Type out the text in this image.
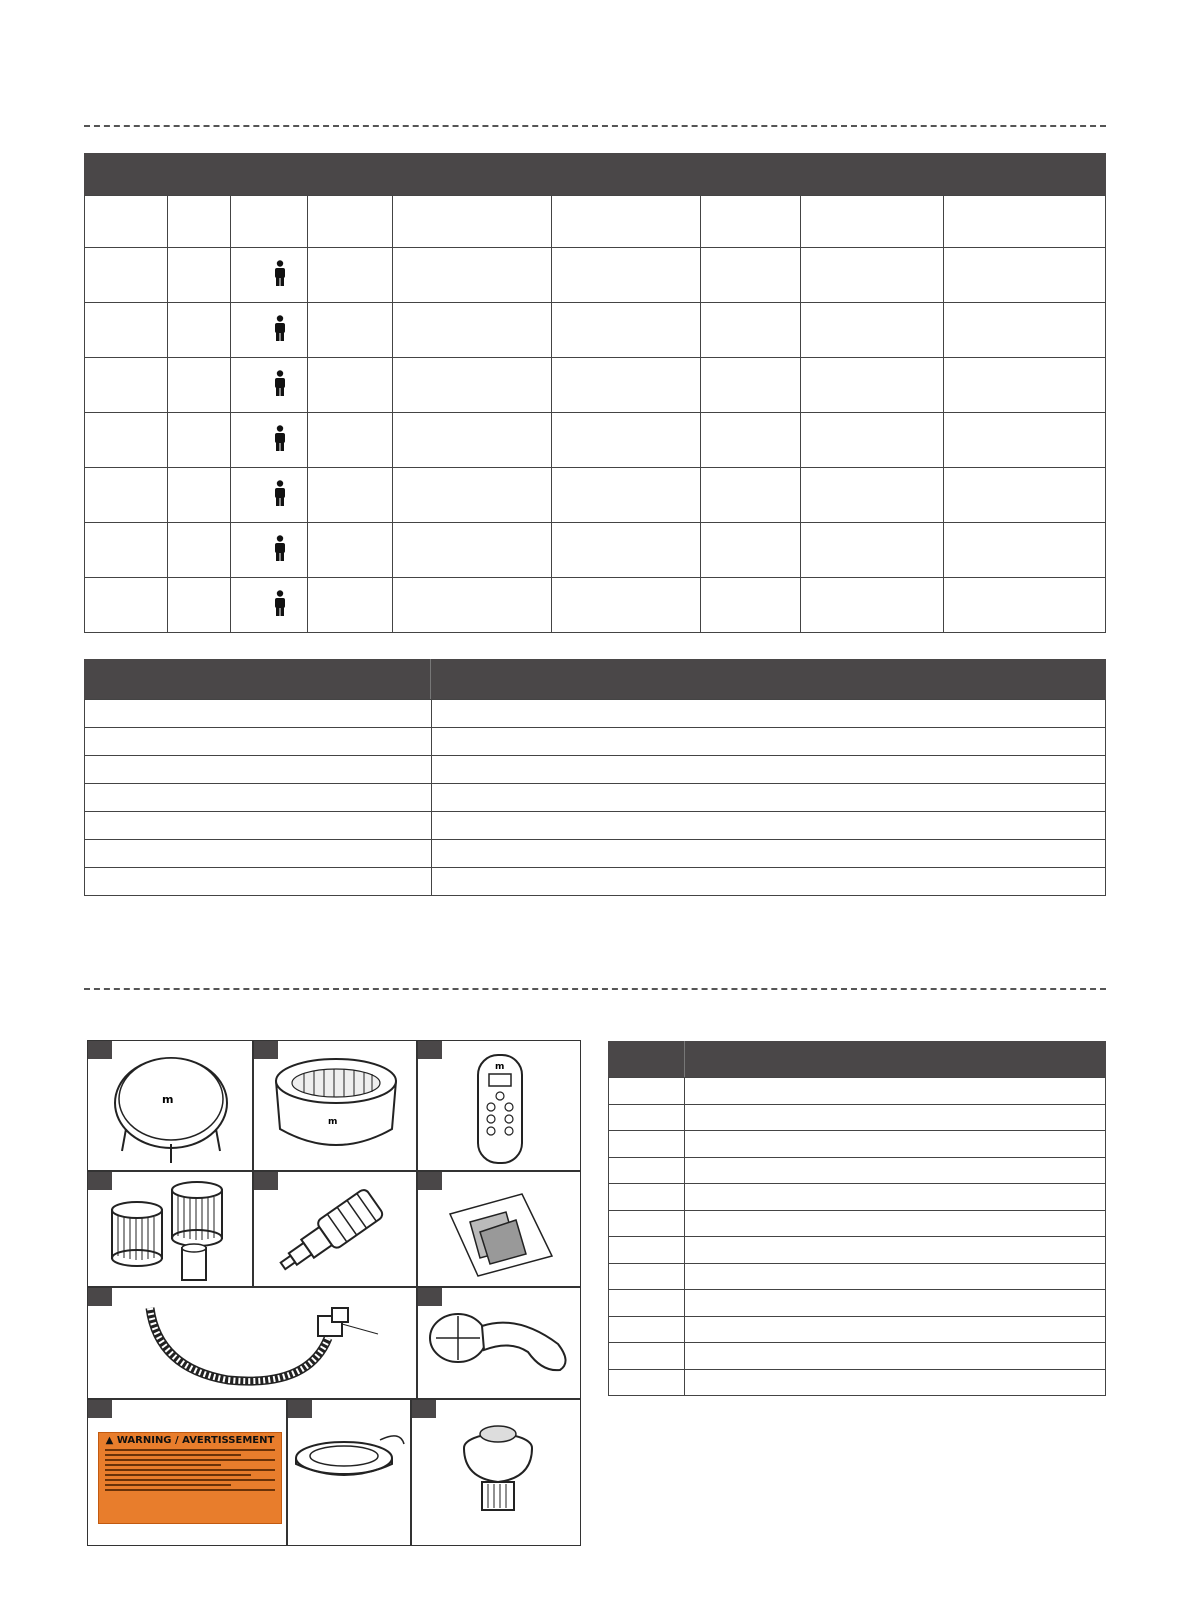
m
m
m
▲ WARNING / AVERTISSEMENT
